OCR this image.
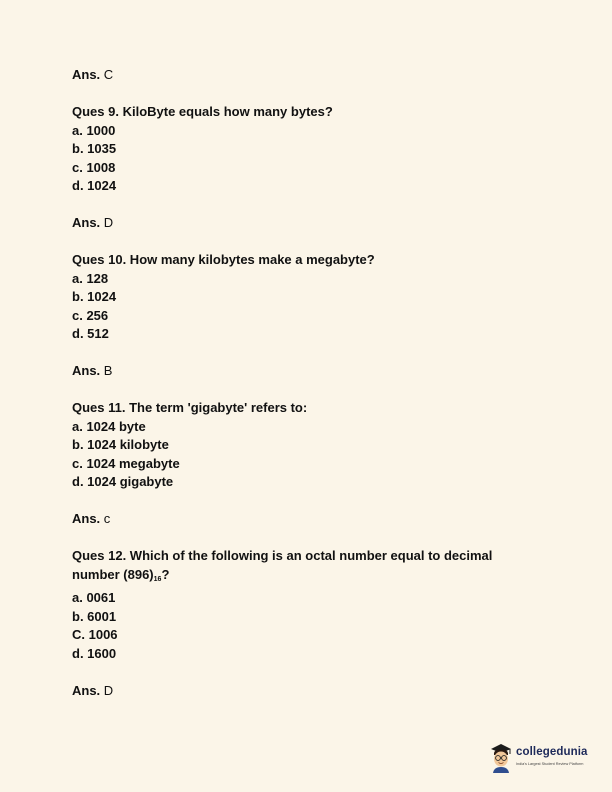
Ans. C

Ques 9. KiloByte equals how many bytes?

a. 1000

b. 1035

c. 1008

d. 1024

Ans. D

Ques 10. How many kilobytes make a megabyte?

a. 128

b. 1024

c. 256

d. 512

Ans. B

Ques 11. The term 'gigabyte' refers to:

a. 1024 byte

b. 1024 kilobyte

c. 1024 megabyte

d. 1024 gigabyte

Ans. c

Ques 12. Which of the following is an octal number equal to decimal

number $(896)_{16}$?

a. 0061

b. 6001

C. 1006

d. 1600

Ans. D

collegedunia
India's Largest Student Review Platform
